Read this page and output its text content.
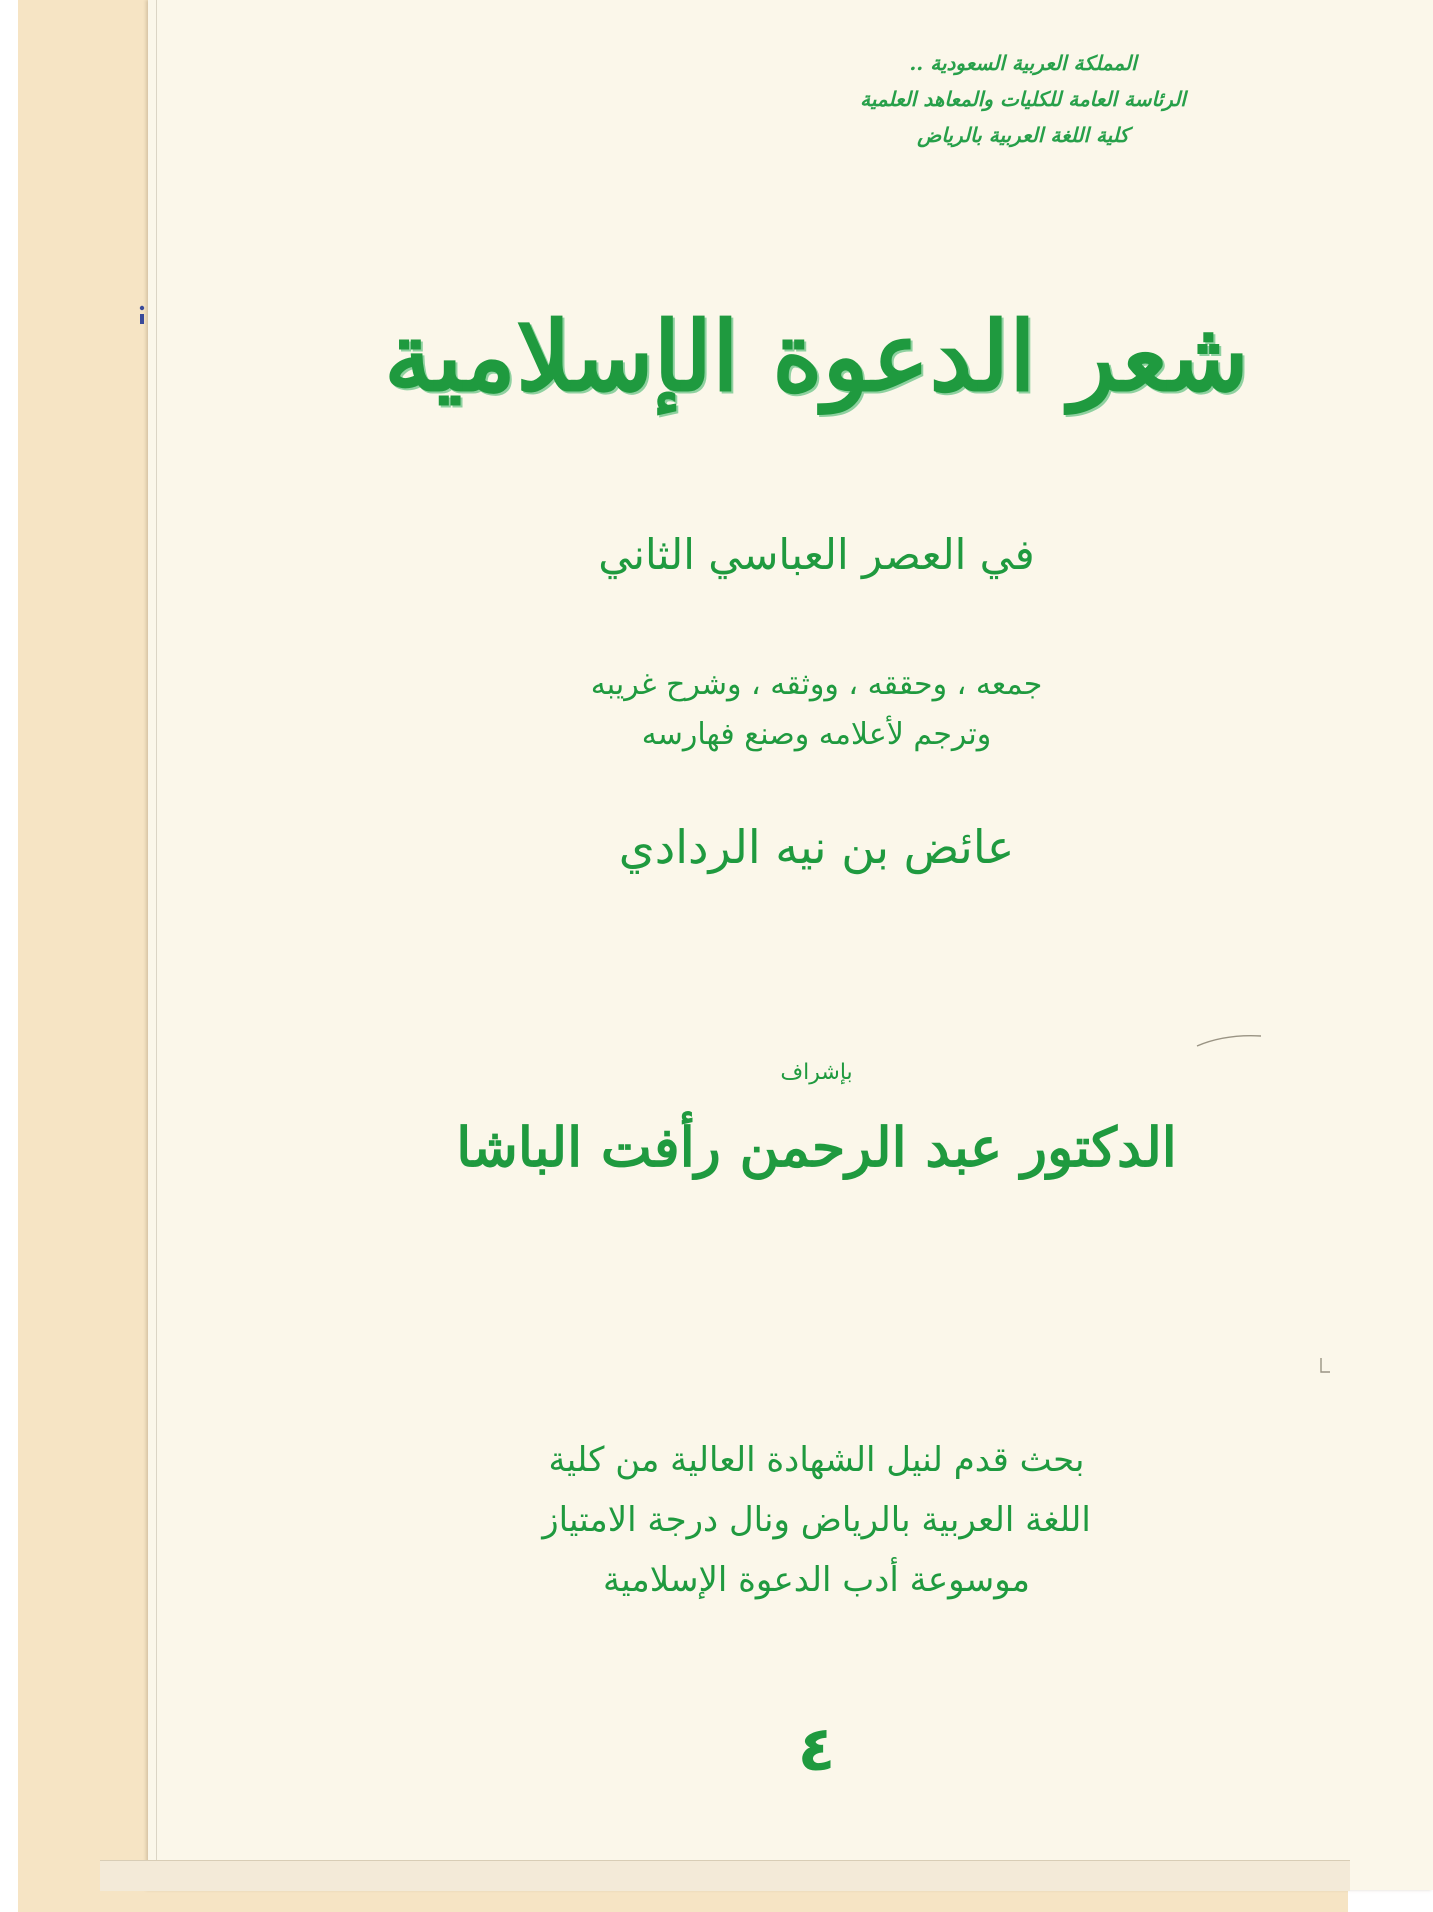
المملكة العربية السعودية ..
الرئاسة العامة للكليات والمعاهد العلمية
كلية اللغة العربية بالرياض
شعر الدعوة الإسلامية
في العصر العباسي الثاني
جمعه ، وحققه ، ووثقه ، وشرح غريبه
وترجم لأعلامه وصنع فهارسه
عائض بن نيه الردادي
بإشراف
الدكتور عبد الرحمن رأفت الباشا
بحث قدم لنيل الشهادة العالية من كلية
اللغة العربية بالرياض ونال درجة الامتياز
موسوعة أدب الدعوة الإسلامية
٤
